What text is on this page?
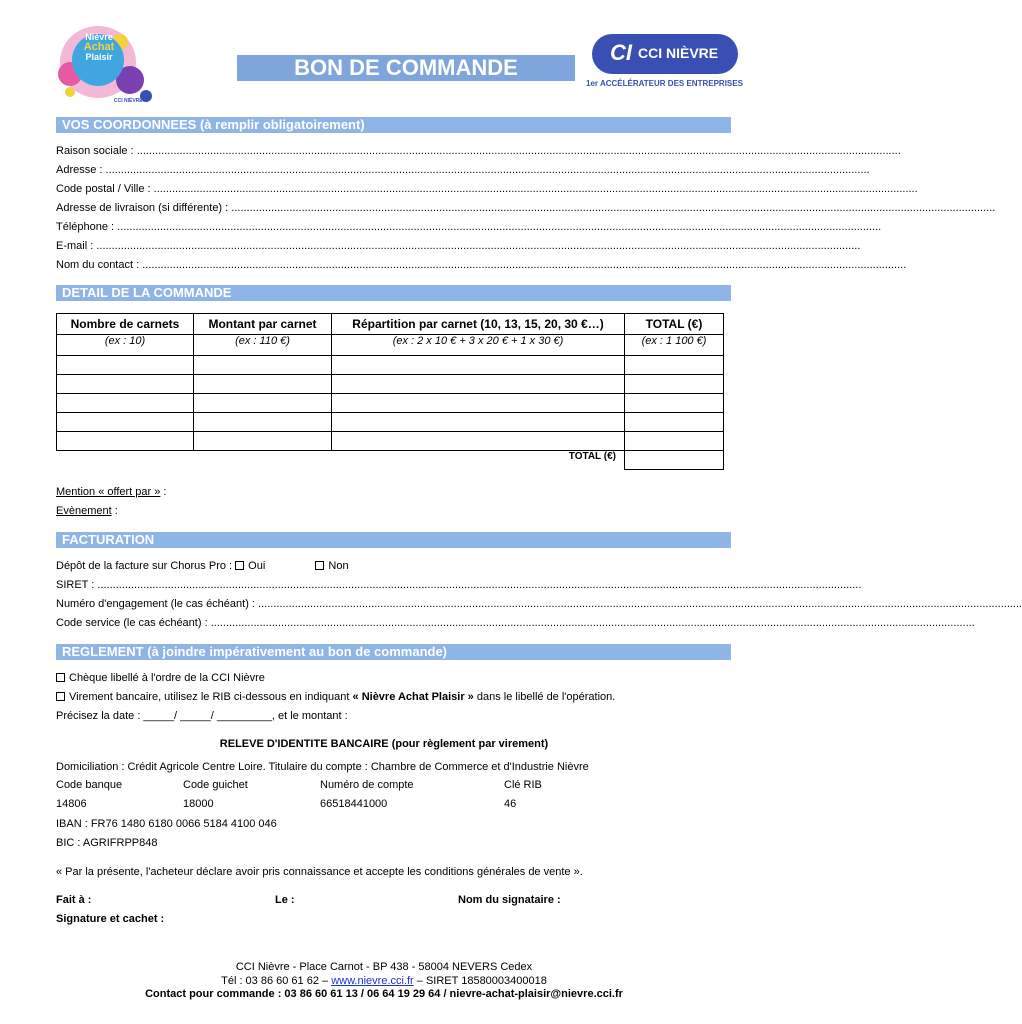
Nièvre
Achat
Plaisir
CCI NIÈVRE
BON DE COMMANDE
CI CCI NIÈVRE
1er ACCÉLÉRATEUR DES ENTREPRISES
VOS COORDONNEES (à remplir obligatoirement)
Raison sociale : ..........................................................................................................................................................................................................................................................
Adresse : ..........................................................................................................................................................................................................................................................
Code postal / Ville : ..........................................................................................................................................................................................................................................................
Adresse de livraison (si différente) : ..........................................................................................................................................................................................................................................................
Téléphone : ..........................................................................................................................................................................................................................................................
E-mail : ..........................................................................................................................................................................................................................................................
Nom du contact : ..........................................................................................................................................................................................................................................................
DETAIL DE LA COMMANDE
Nombre de carnets	Montant par carnet	Répartition par carnet (10, 13, 15, 20, 30 €…)	TOTAL (€)
(ex : 10)	(ex : 110 €)	(ex : 2 x 10 € + 3 x 20 € + 1 x 30 €)	(ex : 1 100 €)

TOTAL (€)			
Mention « offert par » :
Evènement :
FACTURATION
Dépôt de la facture sur Chorus Pro : Oui	Non
SIRET : ..........................................................................................................................................................................................................................................................
Numéro d'engagement (le cas échéant) : ..........................................................................................................................................................................................................................................................
Code service (le cas échéant) : ..........................................................................................................................................................................................................................................................
REGLEMENT (à joindre impérativement au bon de commande)
Chèque libellé à l'ordre de la CCI Nièvre
Virement bancaire, utilisez le RIB ci-dessous en indiquant « Nièvre Achat Plaisir » dans le libellé de l'opération.
Précisez la date : _____/ _____/ _________, et le montant :
RELEVE D'IDENTITE BANCAIRE (pour règlement par virement)
Domiciliation : Crédit Agricole Centre Loire. Titulaire du compte : Chambre de Commerce et d'Industrie Nièvre
Code banque	Code guichet	Numéro de compte	Clé RIB
14806	18000	66518441000	46
IBAN : FR76 1480 6180 0066 5184 4100 046
BIC : AGRIFRPP848
« Par la présente, l'acheteur déclare avoir pris connaissance et accepte les conditions générales de vente ».
Fait à :	Le :	Nom du signataire :
Signature et cachet :
CCI Nièvre - Place Carnot - BP 438 - 58004 NEVERS Cedex
Tél : 03 86 60 61 62 – www.nievre.cci.fr – SIRET 18580003400018
Contact pour commande : 03 86 60 61 13 / 06 64 19 29 64 / nievre-achat-plaisir@nievre.cci.fr
